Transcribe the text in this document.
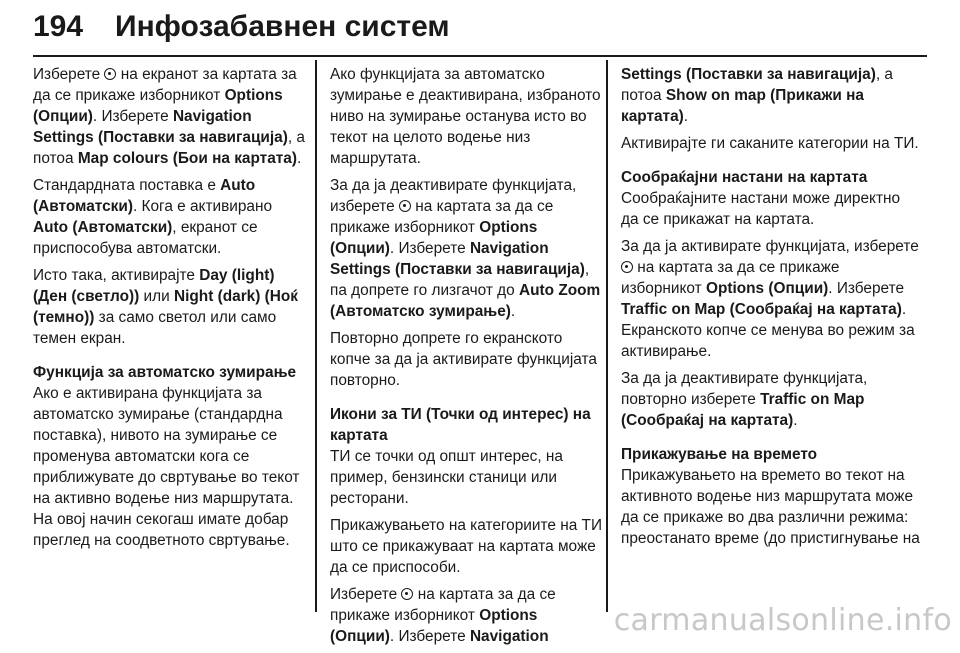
194 Инфозабавнен систем

Изберете  на екранот за картата за да се прикаже изборникот Options (Опции). Изберете Navigation Settings (Поставки за навигација), а потоа Map colours (Бои на картата).

Стандардната поставка е Auto (Автоматски). Кога е активирано Auto (Автоматски), екранот се приспособува автоматски.

Исто така, активирајте Day (light) (Ден (светло)) или Night (dark) (Ноќ (темно)) за само светол или само темен екран.

Функција за автоматско зумирање

Ако е активирана функцијата за автоматско зумирање (стандардна поставка), нивото на зумирање се променува автоматски кога се приближувате до свртување во текот на активно водење низ маршрутата. На овој начин секогаш имате добар преглед на соодветното свртување.

Ако функцијата за автоматско зумирање е деактивирана, избраното ниво на зумирање останува исто во текот на целото водење низ маршрутата.

За да ја деактивирате функцијата, изберете  на картата за да се прикаже изборникот Options (Опции). Изберете Navigation Settings (Поставки за навигација), па допрете го лизгачот до Auto Zoom (Автоматско зумирање).

Повторно допрете го екранското копче за да ја активирате функцијата повторно.

Икони за ТИ (Точки од интерес) на картата

ТИ се точки од општ интерес, на пример, бензински станици или ресторани.

Прикажувањето на категориите на ТИ што се прикажуваат на картата може да се приспособи.

Изберете  на картата за да се прикаже изборникот Options (Опции). Изберете Navigation

Settings (Поставки за навигација), а потоа Show on map (Прикажи на картата).

Активирајте ги саканите категории на ТИ.

Сообраќајни настани на картата

Сообраќајните настани може директно да се прикажат на картата.

За да ја активирате функцијата, изберете  на картата за да се прикаже изборникот Options (Опции). Изберете Traffic on Map (Сообраќај на картата). Екранското копче се менува во режим за активирање.

За да ја деактивирате функцијата, повторно изберете Traffic on Map (Сообраќај на картата).

Прикажување на времето

Прикажувањето на времето во текот на активното водење низ маршрутата може да се прикаже во два различни режима: преостанато време (до пристигнување на

carmanualsonline.info
